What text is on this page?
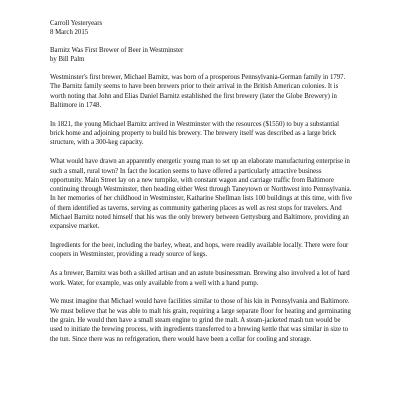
Carroll Yesteryears

8 March 2015

Barnitz Was First Brewer of Beer in Westminster

by Bill Palm

Westminster's first brewer, Michael Barnitz, was born of a prosperous Pennsylvania-German family in 1797. The Barnitz family seems to have been brewers prior to their arrival in the British American colonies. It is worth noting that John and Elias Daniel Barnitz established the first brewery (later the Globe Brewery) in Baltimore in 1748.

In 1821, the young Michael Barnitz arrived in Westminster with the resources ($1550) to buy a substantial brick home and adjoining property to build his brewery. The brewery itself was described as a large brick structure, with a 300-keg capacity.

What would have drawn an apparently energetic young man to set up an elaborate manufacturing enterprise in such a small, rural town? In fact the location seems to have offered a particularly attractive business opportunity. Main Street lay on a new turnpike, with constant wagon and carriage traffic from Baltimore continuing through Westminster, then heading either West through Taneytown or Northwest into Pennsylvania. In her memories of her childhood in Westminster, Katharine Shellman lists 100 buildings at this time, with five of them identified as taverns, serving as community gathering places as well as rest stops for travelers. And Michael Barnitz noted himself that his was the only brewery between Gettysburg and Baltimore, providing an expansive market.

Ingredients for the beer, including the barley, wheat, and hops, were readily available locally. There were four coopers in Westminster, providing a ready source of kegs.

As a brewer, Barnitz was both a skilled artisan and an astute businessman. Brewing also involved a lot of hard work. Water, for example, was only available from a well with a hand pump.

We must imagine that Michael would have facilities similar to those of his kin in Pennsylvania and Baltimore. We must believe that he was able to malt his grain, requiring a large separate floor for heating and germinating the grain. He would then have a small steam engine to grind the malt. A steam-jacketed mash tun would be used to initiate the brewing process, with ingredients transferred to a brewing kettle that was similar in size to the tun. Since there was no refrigeration, there would have been a cellar for cooling and storage.
